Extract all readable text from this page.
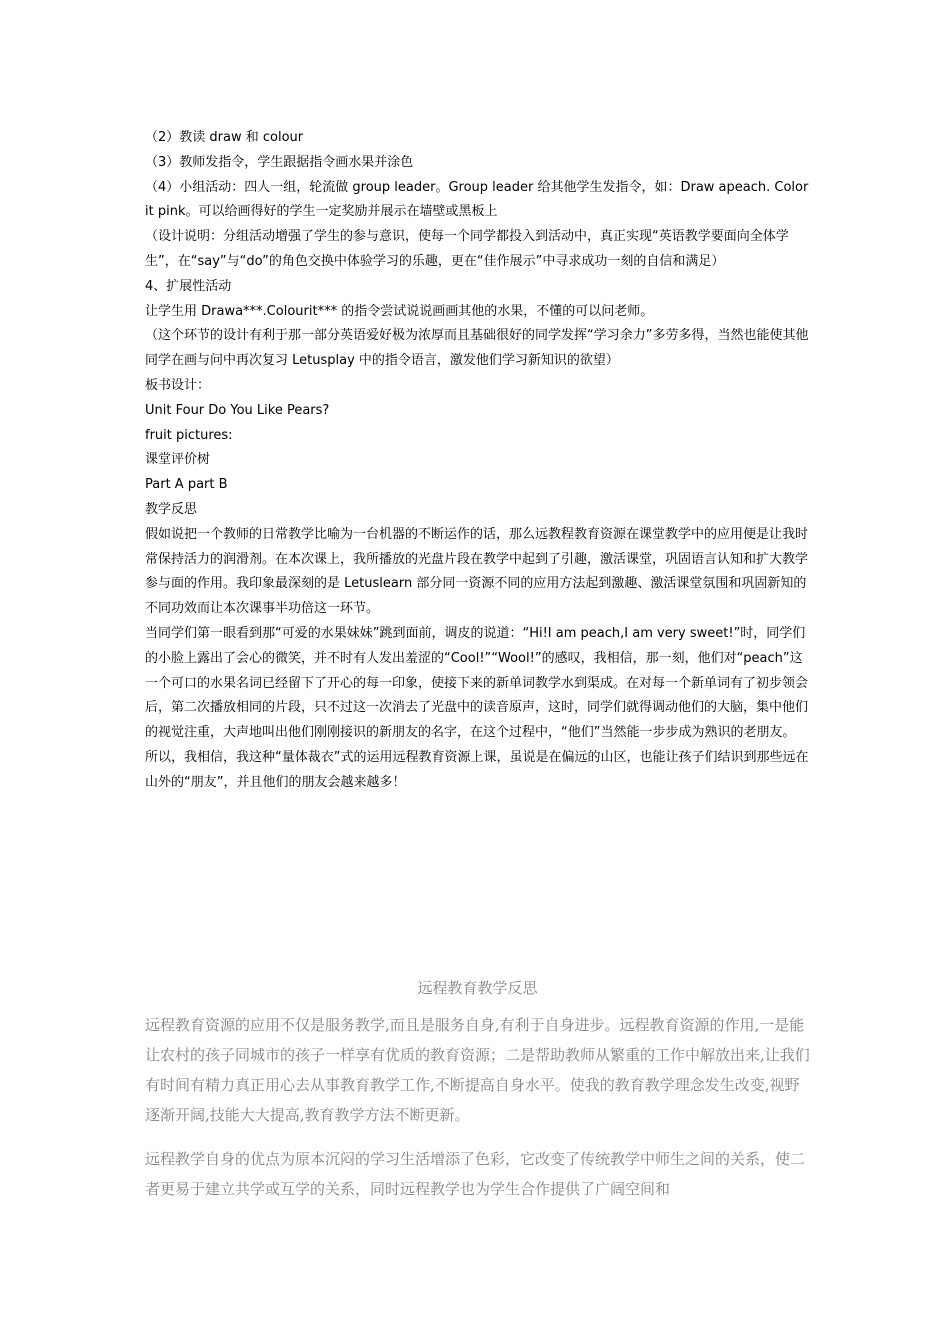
（2）教读 draw 和 colour

（3）教师发指令，学生跟据指令画水果并涂色

（4）小组活动：四人一组，轮流做 group leader。Group leader 给其他学生发指令，如：Draw apeach. Colorit pink。可以给画得好的学生一定奖励并展示在墙壁或黑板上

（设计说明：分组活动增强了学生的参与意识，使每一个同学都投入到活动中，真正实现“英语教学要面向全体学生”，在“say”与“do”的角色交换中体验学习的乐趣，更在“佳作展示”中寻求成功一刻的自信和满足）

4、扩展性活动

让学生用 Drawa***.Colourit*** 的指令尝试说说画画其他的水果，不懂的可以问老师。

（这个环节的设计有利于那一部分英语爱好极为浓厚而且基础很好的同学发挥“学习余力”多劳多得，当然也能使其他同学在画与问中再次复习 Letusplay 中的指令语言，激发他们学习新知识的欲望）

板书设计：

Unit Four Do You Like Pears?

fruit pictures:

课堂评价树

Part A part B

教学反思

假如说把一个教师的日常教学比喻为一台机器的不断运作的话，那么远教程教育资源在课堂教学中的应用便是让我时常保持活力的润滑剂。在本次课上，我所播放的光盘片段在教学中起到了引趣，激活课堂，巩固语言认知和扩大教学参与面的作用。我印象最深刻的是 Letuslearn 部分同一资源不同的应用方法起到激趣、激活课堂氛围和巩固新知的不同功效而让本次课事半功倍这一环节。

当同学们第一眼看到那“可爱的水果妹妹”跳到面前，调皮的说道：“Hi!I am peach,I am very sweet!”时，同学们的小脸上露出了会心的微笑，并不时有人发出羞涩的“Cool!”“Wool!”的感叹，我相信，那一刻，他们对“peach”这一个可口的水果名词已经留下了开心的每一印象，使接下来的新单词教学水到渠成。在对每一个新单词有了初步领会后，第二次播放相同的片段，只不过这一次消去了光盘中的读音原声，这时，同学们就得调动他们的大脑，集中他们的视觉注重，大声地叫出他们刚刚接识的新朋友的名字，在这个过程中，“他们”当然能一步步成为熟识的老朋友。

所以，我相信，我这种“量体裁衣”式的运用远程教育资源上课，虽说是在偏远的山区，也能让孩子们结识到那些远在山外的“朋友”，并且他们的朋友会越来越多！

远程教育教学反思

远程教育资源的应用不仅是服务教学,而且是服务自身,有利于自身进步。远程教育资源的作用,一是能让农村的孩子同城市的孩子一样享有优质的教育资源；二是帮助教师从繁重的工作中解放出来,让我们有时间有精力真正用心去从事教育教学工作,不断提高自身水平。使我的教育教学理念发生改变,视野逐渐开阔,技能大大提高,教育教学方法不断更新。

远程教学自身的优点为原本沉闷的学习生活增添了色彩，它改变了传统教学中师生之间的关系，使二者更易于建立共学或互学的关系，同时远程教学也为学生合作提供了广阔空间和
